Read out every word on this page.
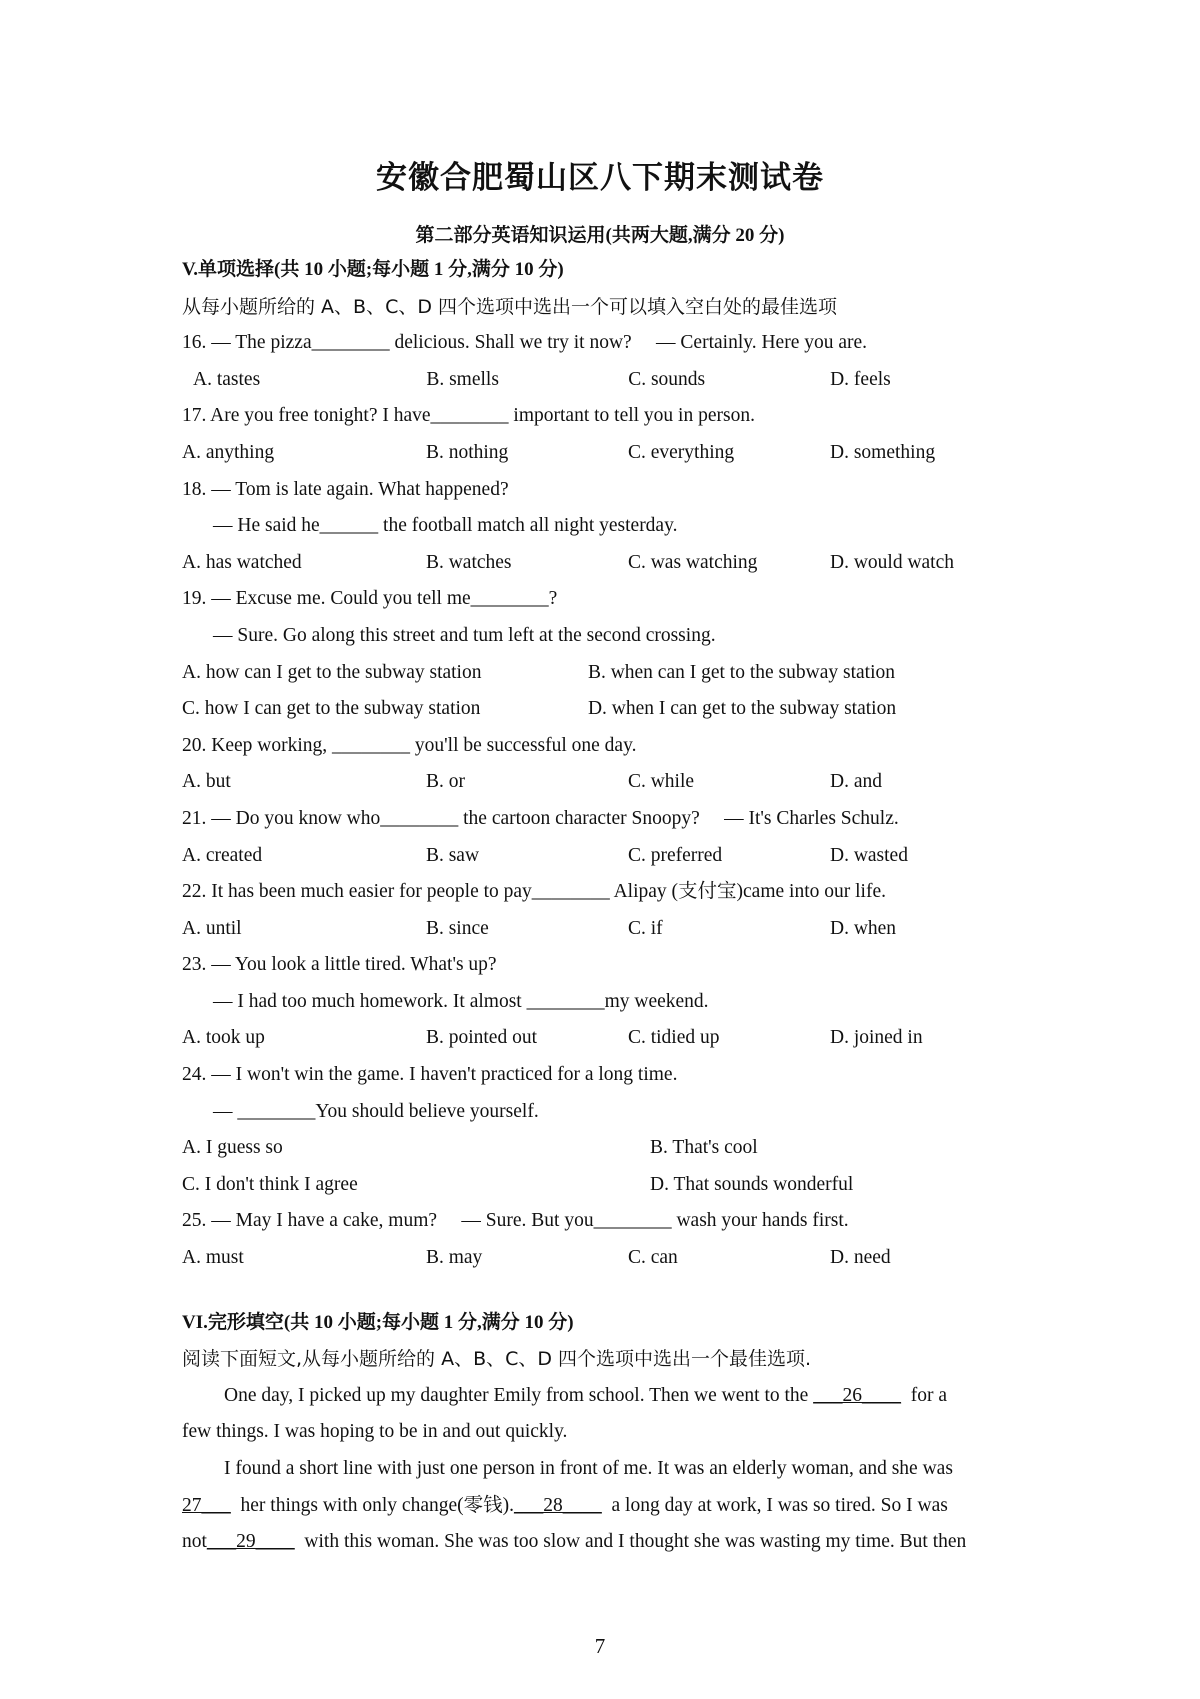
安徽合肥蜀山区八下期末测试卷
第二部分英语知识运用(共两大题,满分 20 分)
V.单项选择(共 10 小题;每小题 1 分,满分 10 分)
从每小题所给的 A、B、C、D 四个选项中选出一个可以填入空白处的最佳选项
16. — The pizza________ delicious. Shall we try it now?     — Certainly. Here you are.
A. tastes	B. smells	C. sounds	D. feels
17. Are you free tonight? I have________ important to tell you in person.
A. anything	B. nothing	C. everything	D. something
18. — Tom is late again. What happened?
— He said he______ the football match all night yesterday.
A. has watched	B. watches	C. was watching	D. would watch
19. — Excuse me. Could you tell me________?
— Sure. Go along this street and tum left at the second crossing.
A. how can I get to the subway station	B. when can I get to the subway station
C. how I can get to the subway station	D. when I can get to the subway station
20. Keep working, ________ you'll be successful one day.
A. but	B. or	C. while	D. and
21. — Do you know who________ the cartoon character Snoopy?     — It's Charles Schulz.
A. created	B. saw	C. preferred	D. wasted
22. It has been much easier for people to pay________ Alipay (支付宝)came into our life.
A. until	B. since	C. if	D. when
23. — You look a little tired. What's up?
— I had too much homework. It almost ________my weekend.
A. took up	B. pointed out	C. tidied up	D. joined in
24. — I won't win the game. I haven't practiced for a long time.
— ________You should believe yourself.
A. I guess so	B. That's cool
C. I don't think I agree	D. That sounds wonderful
25. — May I have a cake, mum?     — Sure. But you________ wash your hands first.
A. must	B. may	C. can	D. need
VI.完形填空(共 10 小题;每小题 1 分,满分 10 分)
阅读下面短文,从每小题所给的 A、B、C、D 四个选项中选出一个最佳选项.
One day, I picked up my daughter Emily from school. Then we went to the ___26____  for a
few things. I was hoping to be in and out quickly.
I found a short line with just one person in front of me. It was an elderly woman, and she was
27___  her things with only change(零钱).___28____  a long day at work, I was so tired. So I was
not___29____  with this woman. She was too slow and I thought she was wasting my time. But then
7
